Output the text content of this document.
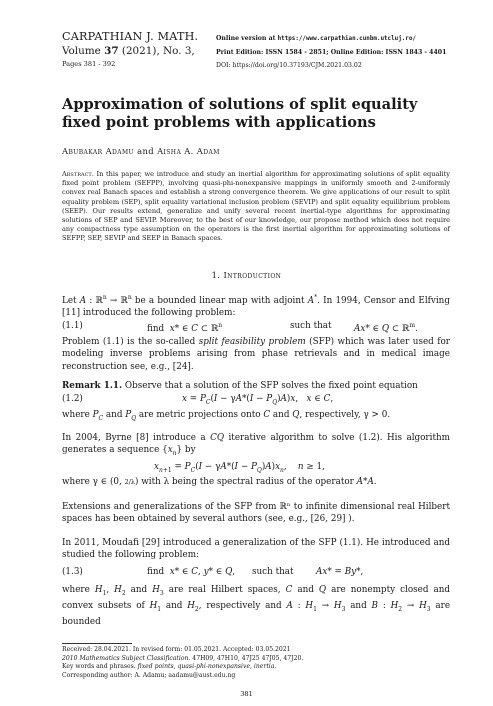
CARPATHIAN J. MATH.
Volume 37 (2021), No. 3,
Pages 381 - 392
Online version at https://www.carpathian.cunbm.utcluj.ro/
Print Edition: ISSN 1584 - 2851; Online Edition: ISSN 1843 - 4401
DOI: https://doi.org/10.37193/CJM.2021.03.02
Approximation of solutions of split equality fixed point problems with applications
Abubakar Adamu and Aisha A. Adam
Abstract. In this paper, we introduce and study an inertial algorithm for approximating solutions of split equality fixed point problem (SEFPP), involving quasi-phi-nonexpansive mappings in uniformly smooth and 2-uniformly convex real Banach spaces and establish a strong convergence theorem. We give applications of our result to split equality problem (SEP), split equality variational inclusion problem (SEVIP) and split equality equilibrium problem (SEEP). Our results extend, generalize and unify several recent inertial-type algorithms for approximating solutions of SEP and SEVIP. Moreover, to the best of our knowledge, our propose method which does not require any compactness type assumption on the operators is the first inertial algorithm for approximating solutions of SEFPP, SEP, SEVIP and SEEP in Banach spaces.
1. Introduction
Let A : ℝ$^n$ → ℝ$^n$ be a bounded linear map with adjoint A*. In 1994, Censor and Elfving [11] introduced the following problem:
(1.1)	find x* ∈ C ⊂ ℝ$^n$	such that	Ax* ∈ Q ⊂ ℝ$^m$.
Problem (1.1) is the so-called split feasibility problem (SFP) which was later used for modeling inverse problems arising from phase retrievals and in medical image reconstruction see, e.g., [24].
Remark 1.1. Observe that a solution of the SFP solves the fixed point equation
(1.2)	$x = P_C(I - \gamma A*(I - P_Q)A)x$,   x ∈ C,
where $P_C$ and $P_Q$ are metric projections onto C and Q, respectively, γ > 0.
In 2004, Byrne [8] introduce a CQ iterative algorithm to solve (1.2). His algorithm generates a sequence $\{x_n\}$ by
$x_{n+1} = P_C(I - \gamma A*(I - P_Q)A)x_n$,    n ≥ 1,
where γ ∈ (0, 2/λ) with λ being the spectral radius of the operator A*A.
Extensions and generalizations of the SFP from ℝⁿ to infinite dimensional real Hilbert spaces has been obtained by several authors (see, e.g., [26, 29] ).
In 2011, Moudafi [29] introduced a generalization of the SFP (1.1). He introduced and studied the following problem:
(1.3)	find x* ∈ C, y* ∈ Q, such that	Ax* = By*,
where $H_1$, $H_2$ and $H_3$ are real Hilbert spaces, C and Q are nonempty closed and convex subsets of $H_1$ and $H_2$, respectively and A : $H_1 \to H_3$ and B : $H_2 \to H_3$ are bounded
Received: 28.04.2021. In revised form: 01.05.2021. Accepted: 03.05.2021
2010 Mathematics Subject Classification. 47H09, 47H10, 47J25 47J05, 47J20.
Key words and phrases. fixed points, quasi-phi-nonexpansive, inertia.
Corresponding author: A. Adamu; aadamu@aust.edu.ng
381
